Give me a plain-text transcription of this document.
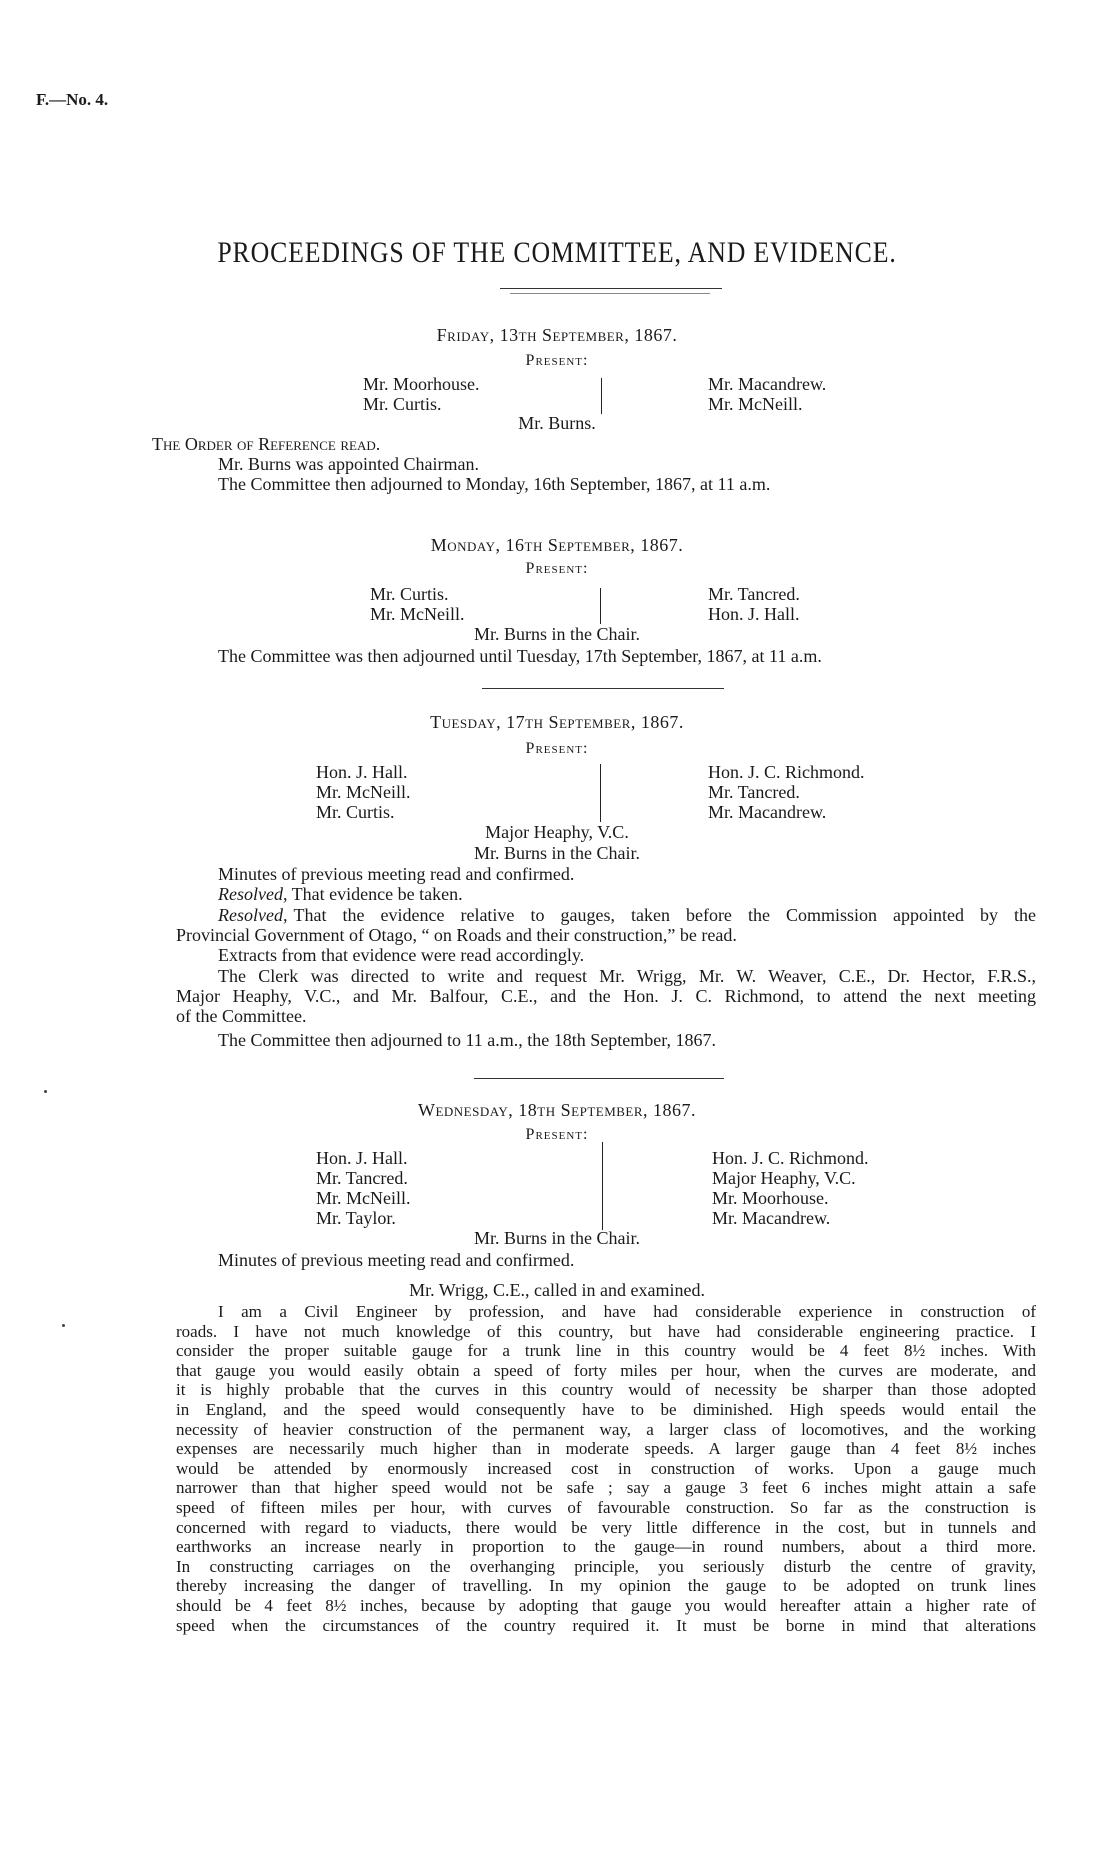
F.—No. 4.
PROCEEDINGS OF THE COMMITTEE, AND EVIDENCE.
Friday, 13th September, 1867.
Present:
Mr. Moorhouse.
Mr. Curtis.
Mr. Macandrew.
Mr. McNeill.
Mr. Burns.
The Order of Reference read.
Mr. Burns was appointed Chairman.
The Committee then adjourned to Monday, 16th September, 1867, at 11 a.m.
Monday, 16th September, 1867.
Present:
Mr. Curtis.
Mr. McNeill.
Mr. Tancred.
Hon. J. Hall.
Mr. Burns in the Chair.
The Committee was then adjourned until Tuesday, 17th September, 1867, at 11 a.m.
Tuesday, 17th September, 1867.
Present:
Hon. J. Hall.
Mr. McNeill.
Mr. Curtis.
Hon. J. C. Richmond.
Mr. Tancred.
Mr. Macandrew.
Major Heaphy, V.C.
Mr. Burns in the Chair.
Minutes of previous meeting read and confirmed.
Resolved, That evidence be taken.
Resolved, That the evidence relative to gauges, taken before the Commission appointed by the
Provincial Government of Otago, “ on Roads and their construction,” be read.
Extracts from that evidence were read accordingly.
The Clerk was directed to write and request Mr. Wrigg, Mr. W. Weaver, C.E., Dr. Hector, F.R.S.,
Major Heaphy, V.C., and Mr. Balfour, C.E., and the Hon. J. C. Richmond, to attend the next meeting
of the Committee.
The Committee then adjourned to 11 a.m., the 18th September, 1867.
Wednesday, 18th September, 1867.
Present:
Hon. J. Hall.
Mr. Tancred.
Mr. McNeill.
Mr. Taylor.
Hon. J. C. Richmond.
Major Heaphy, V.C.
Mr. Moorhouse.
Mr. Macandrew.
Mr. Burns in the Chair.
Minutes of previous meeting read and confirmed.
Mr. Wrigg, C.E., called in and examined.
I am a Civil Engineer by profession, and have had considerable experience in construction of
roads. I have not much knowledge of this country, but have had considerable engineering practice. I
consider the proper suitable gauge for a trunk line in this country would be 4 feet 8½ inches. With
that gauge you would easily obtain a speed of forty miles per hour, when the curves are moderate, and
it is highly probable that the curves in this country would of necessity be sharper than those adopted
in England, and the speed would consequently have to be diminished. High speeds would entail the
necessity of heavier construction of the permanent way, a larger class of locomotives, and the working
expenses are necessarily much higher than in moderate speeds. A larger gauge than 4 feet 8½ inches
would be attended by enormously increased cost in construction of works. Upon a gauge much
narrower than that higher speed would not be safe ; say a gauge 3 feet 6 inches might attain a safe
speed of fifteen miles per hour, with curves of favourable construction. So far as the construction is
concerned with regard to viaducts, there would be very little difference in the cost, but in tunnels and
earthworks an increase nearly in proportion to the gauge—in round numbers, about a third more.
In constructing carriages on the overhanging principle, you seriously disturb the centre of gravity,
thereby increasing the danger of travelling. In my opinion the gauge to be adopted on trunk lines
should be 4 feet 8½ inches, because by adopting that gauge you would hereafter attain a higher rate of
speed when the circumstances of the country required it. It must be borne in mind that alterations
